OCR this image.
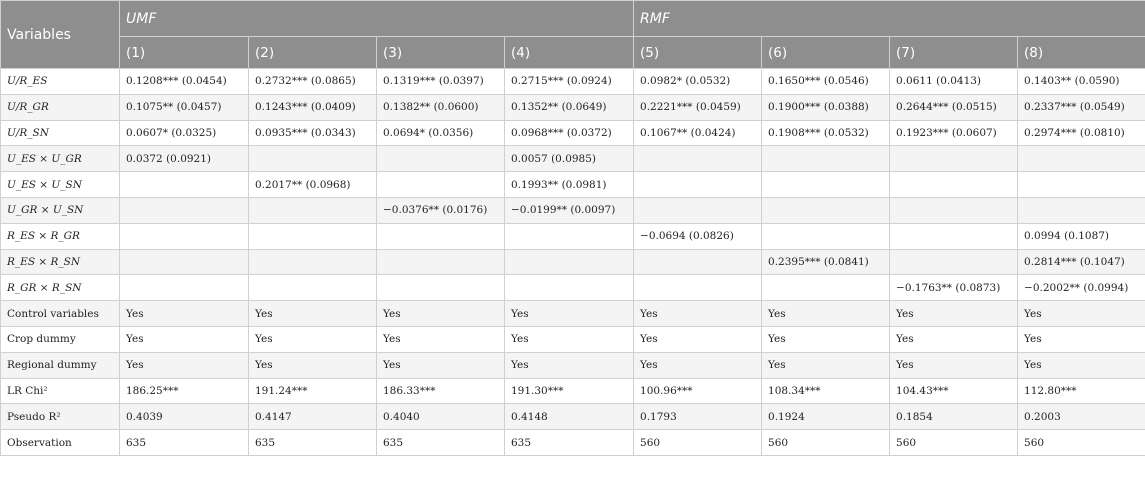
Variables	UMF				RMF			
	(1)	(2)	(3)	(4)	(5)	(6)	(7)	(8)
U/R_ES	0.1208*** (0.0454)	0.2732*** (0.0865)	0.1319*** (0.0397)	0.2715*** (0.0924)	0.0982* (0.0532)	0.1650*** (0.0546)	0.0611 (0.0413)	0.1403** (0.0590)
U/R_GR	0.1075** (0.0457)	0.1243*** (0.0409)	0.1382** (0.0600)	0.1352** (0.0649)	0.2221*** (0.0459)	0.1900*** (0.0388)	0.2644*** (0.0515)	0.2337*** (0.0549)
U/R_SN	0.0607* (0.0325)	0.0935*** (0.0343)	0.0694* (0.0356)	0.0968*** (0.0372)	0.1067** (0.0424)	0.1908*** (0.0532)	0.1923*** (0.0607)	0.2974*** (0.0810)
U_ES × U_GR	0.0372 (0.0921)			0.0057 (0.0985)				
U_ES × U_SN		0.2017** (0.0968)		0.1993** (0.0981)				
U_GR × U_SN			−0.0376** (0.0176)	−0.0199** (0.0097)				
R_ES × R_GR					−0.0694 (0.0826)			0.0994 (0.1087)
R_ES × R_SN						0.2395*** (0.0841)		0.2814*** (0.1047)
R_GR × R_SN							−0.1763** (0.0873)	−0.2002** (0.0994)
Control variables	Yes	Yes	Yes	Yes	Yes	Yes	Yes	Yes
Crop dummy	Yes	Yes	Yes	Yes	Yes	Yes	Yes	Yes
Regional dummy	Yes	Yes	Yes	Yes	Yes	Yes	Yes	Yes
LR Chi²	186.25***	191.24***	186.33***	191.30***	100.96***	108.34***	104.43***	112.80***
Pseudo R²	0.4039	0.4147	0.4040	0.4148	0.1793	0.1924	0.1854	0.2003
Observation	635	635	635	635	560	560	560	560
